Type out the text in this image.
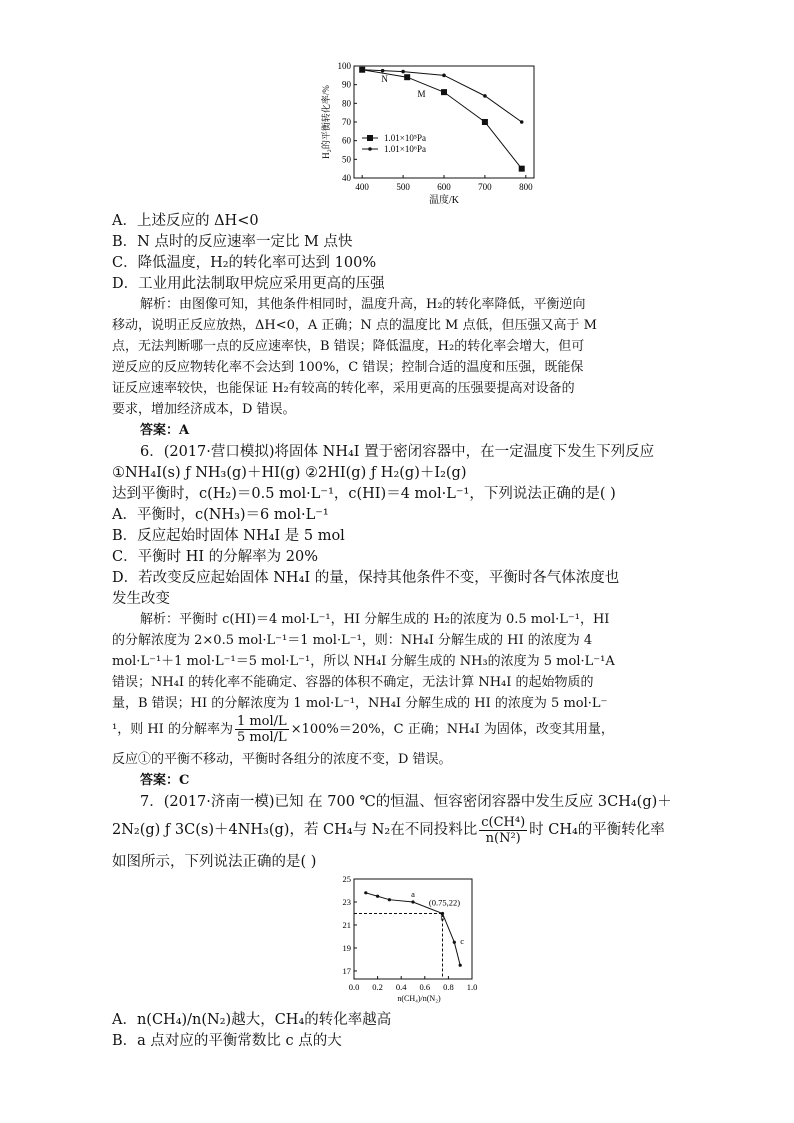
400	500	600	700	800
40
50
60
70
80
90
100
温度/K
H₂的平衡转化率/%	1.01×10⁵Pa
1.01×10⁶Pa
N
M
A．上述反应的 ΔH<0
B．N 点时的反应速率一定比 M 点快
C．降低温度，H₂的转化率可达到 100%
D．工业用此法制取甲烷应采用更高的压强
解析：由图像可知，其他条件相同时，温度升高，H₂的转化率降低，平衡逆向
移动，说明正反应放热，ΔH<0，A 正确；N 点的温度比 M 点低，但压强又高于 M
点，无法判断哪一点的反应速率快，B 错误；降低温度，H₂的转化率会增大，但可
逆反应的反应物转化率不会达到 100%，C 错误；控制合适的温度和压强，既能保
证反应速率较快，也能保证 H₂有较高的转化率，采用更高的压强要提高对设备的
要求，增加经济成本，D 错误。
答案：A
6．(2017·营口模拟)将固体 NH₄I 置于密闭容器中，在一定温度下发生下列反应
①NH₄I(s) ƒ NH₃(g)＋HI(g) ②2HI(g) ƒ H₂(g)＋I₂(g)
达到平衡时，c(H₂)＝0.5 mol·L⁻¹，c(HI)＝4 mol·L⁻¹，下列说法正确的是( )
A．平衡时，c(NH₃)＝6 mol·L⁻¹
B．反应起始时固体 NH₄I 是 5 mol
C．平衡时 HI 的分解率为 20%
D．若改变反应起始固体 NH₄I 的量，保持其他条件不变，平衡时各气体浓度也
发生改变
解析：平衡时 c(HI)＝4 mol·L⁻¹，HI 分解生成的 H₂的浓度为 0.5 mol·L⁻¹，HI
的分解浓度为 2×0.5 mol·L⁻¹＝1 mol·L⁻¹，则：NH₄I 分解生成的 HI 的浓度为 4
mol·L⁻¹＋1 mol·L⁻¹＝5 mol·L⁻¹，所以 NH₄I 分解生成的 NH₃的浓度为 5 mol·L⁻¹A
错误；NH₄I 的转化率不能确定、容器的体积不确定，无法计算 NH₄I 的起始物质的
量，B 错误；HI 的分解浓度为 1 mol·L⁻¹，NH₄I 分解生成的 HI 的浓度为 5 mol·L⁻
¹，则 HI 的分解率为 $\frac{\text{1 mol/L}}{\text{5 mol/L}} \times 100\%=20\%$，C 正确；NH₄I 为固体，改变其用量，
反应①的平衡不移动，平衡时各组分的浓度不变，D 错误。
答案：C
7．(2017·济南一模)已知 在 700 ℃的恒温、恒容密闭容器中发生反应 3CH₄(g)＋
2N₂(g) ƒ 3C(s)＋4NH₃(g)，若 CH₄与 N₂在不同投料比 $\frac{\text{c(CH⁴)}}{\text{n(N²)}}$ 时 CH₄的平衡转化率
如图所示，下列说法正确的是( )
0.0 0.2 0.4 0.6 0.8 1.0
17
19
21
23
25
n(CH₄)/n(N₂)
a
(0.75,22)
b
c
A．n(CH₄)/n(N₂)越大，CH₄的转化率越高
B．a 点对应的平衡常数比 c 点的大
